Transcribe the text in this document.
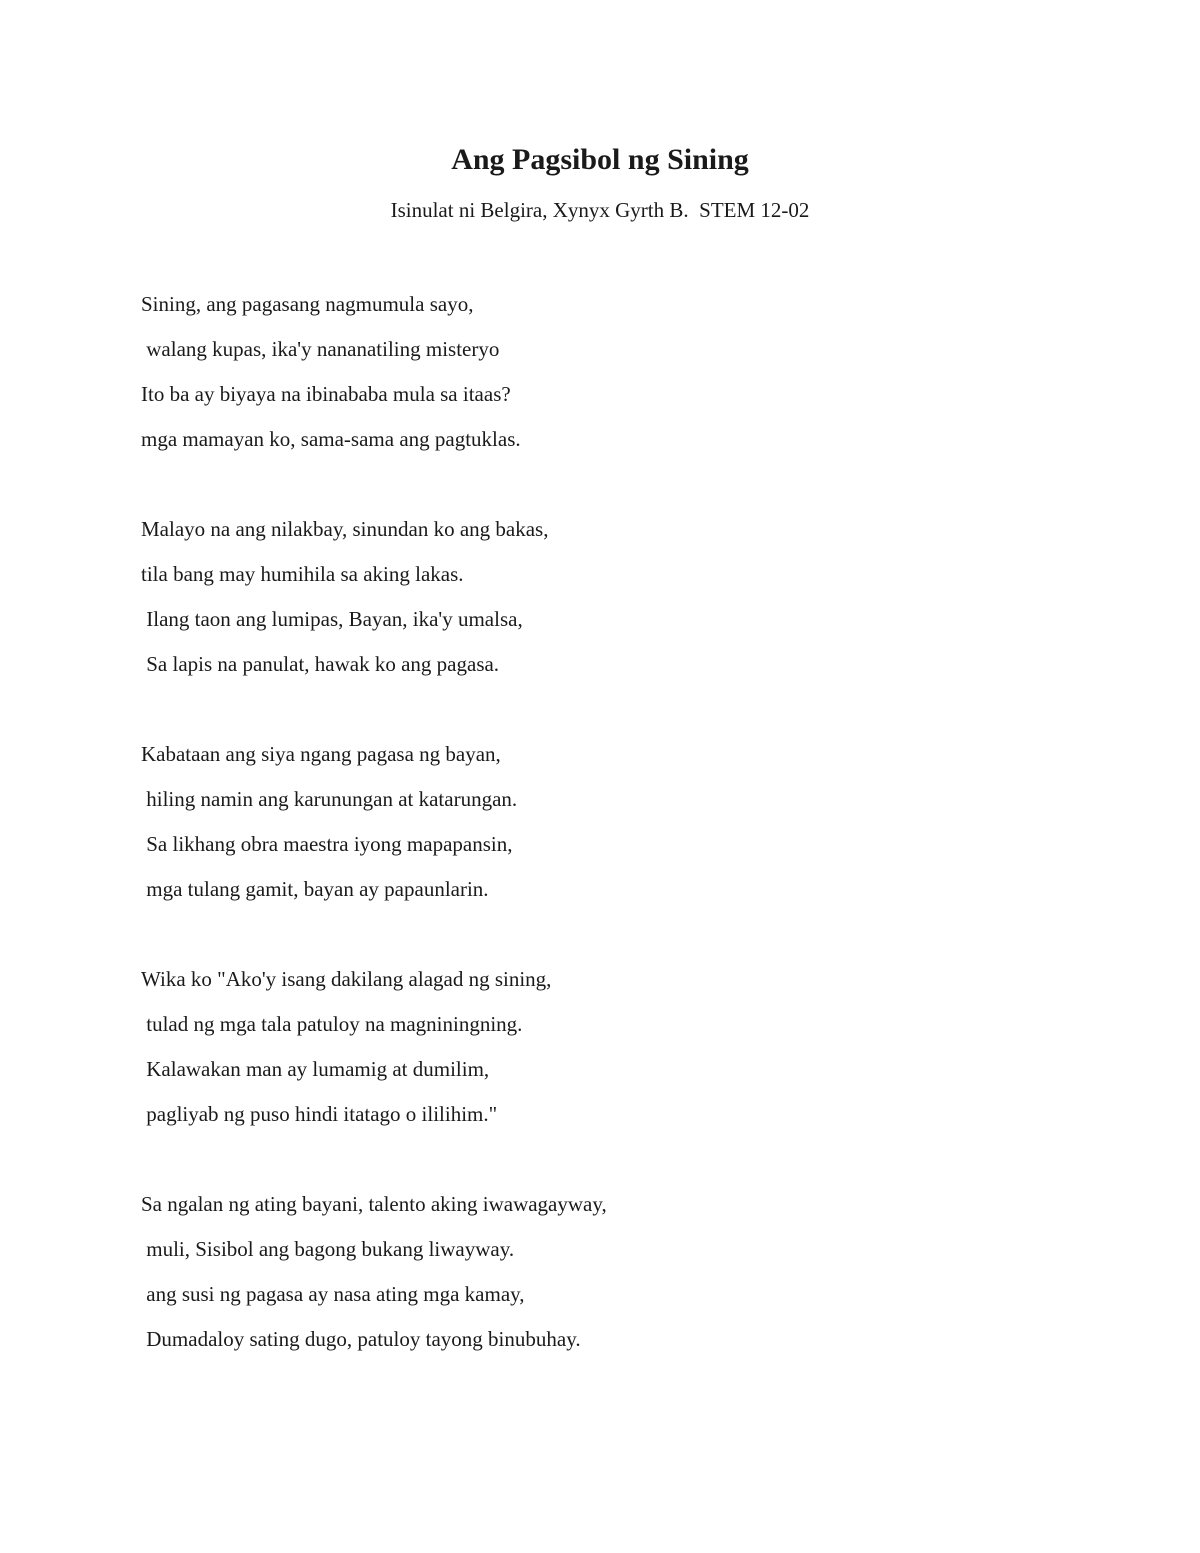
Ang Pagsibol ng Sining

Isinulat ni Belgira, Xynyx Gyrth B.  STEM 12-02

Sining, ang pagasang nagmumula sayo,
walang kupas, ika'y nananatiling misteryo
Ito ba ay biyaya na ibinababa mula sa itaas?
mga mamayan ko, sama-sama ang pagtuklas.
Malayo na ang nilakbay, sinundan ko ang bakas,
tila bang may humihila sa aking lakas.
Ilang taon ang lumipas, Bayan, ika'y umalsa,
Sa lapis na panulat, hawak ko ang pagasa.
Kabataan ang siya ngang pagasa ng bayan,
hiling namin ang karunungan at katarungan.
Sa likhang obra maestra iyong mapapansin,
mga tulang gamit, bayan ay papaunlarin.
Wika ko "Ako'y isang dakilang alagad ng sining,
tulad ng mga tala patuloy na magniningning.
Kalawakan man ay lumamig at dumilim,
pagliyab ng puso hindi itatago o ililihim."
Sa ngalan ng ating bayani, talento aking iwawagayway,
muli, Sisibol ang bagong bukang liwayway.
ang susi ng pagasa ay nasa ating mga kamay,
Dumadaloy sating dugo, patuloy tayong binubuhay.
